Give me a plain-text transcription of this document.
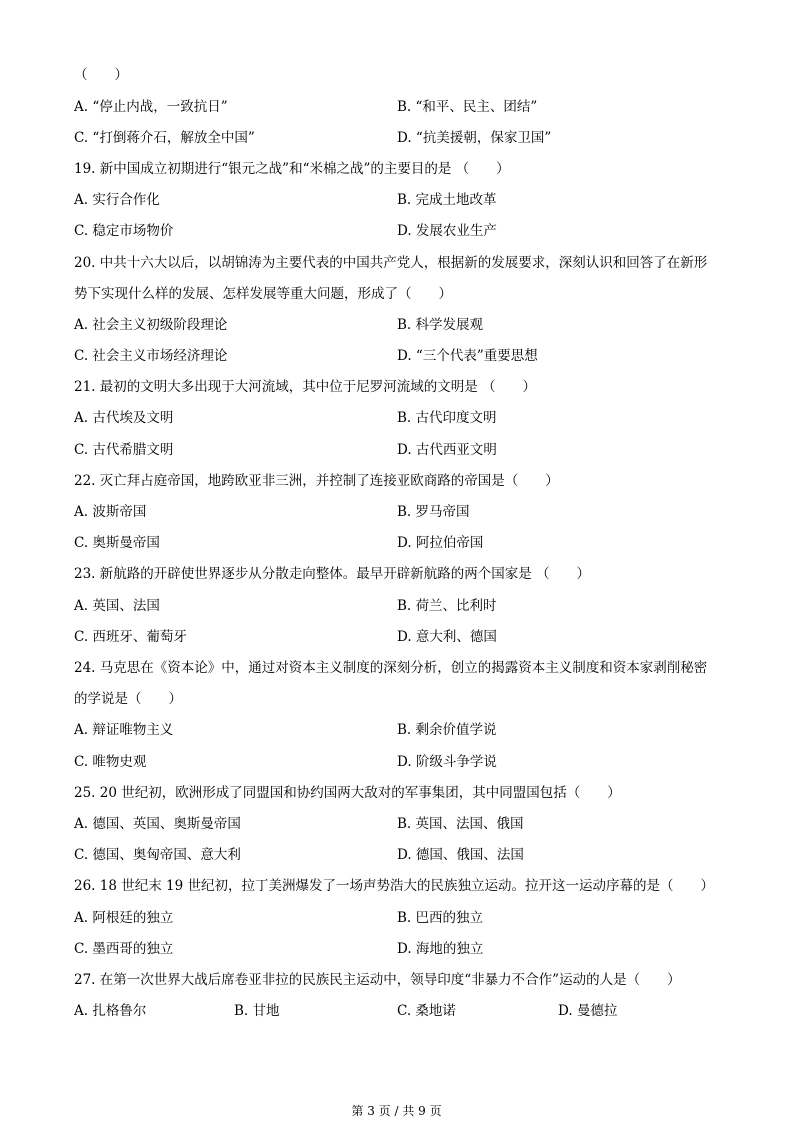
（　　）
A. “停止内战，一致抗日”	B. “和平、民主、团结”
C. “打倒蒋介石，解放全中国”	D. “抗美援朝，保家卫国”
19. 新中国成立初期进行“银元之战”和“米棉之战”的主要目的是 （　　）
A. 实行合作化	B. 完成土地改革
C. 稳定市场物价	D. 发展农业生产
20. 中共十六大以后，以胡锦涛为主要代表的中国共产党人，根据新的发展要求，深刻认识和回答了在新形
势下实现什么样的发展、怎样发展等重大问题，形成了（　　）
A. 社会主义初级阶段理论	B. 科学发展观
C. 社会主义市场经济理论	D. “三个代表”重要思想
21. 最初的文明大多出现于大河流域，其中位于尼罗河流域的文明是 （　　）
A. 古代埃及文明	B. 古代印度文明
C. 古代希腊文明	D. 古代西亚文明
22. 灭亡拜占庭帝国，地跨欧亚非三洲，并控制了连接亚欧商路的帝国是（　　）
A. 波斯帝国	B. 罗马帝国
C. 奥斯曼帝国	D. 阿拉伯帝国
23. 新航路的开辟使世界逐步从分散走向整体。最早开辟新航路的两个国家是 （　　）
A. 英国、法国	B. 荷兰、比利时
C. 西班牙、葡萄牙	D. 意大利、德国
24. 马克思在《资本论》中，通过对资本主义制度的深刻分析，创立的揭露资本主义制度和资本家剥削秘密
的学说是（　　）
A. 辩证唯物主义	B. 剩余价值学说
C. 唯物史观	D. 阶级斗争学说
25. 20 世纪初，欧洲形成了同盟国和协约国两大敌对的军事集团，其中同盟国包括（　　）
A. 德国、英国、奥斯曼帝国	B. 英国、法国、俄国
C. 德国、奥匈帝国、意大利	D. 德国、俄国、法国
26. 18 世纪末 19 世纪初，拉丁美洲爆发了一场声势浩大的民族独立运动。拉开这一运动序幕的是（　　）
A. 阿根廷的独立	B. 巴西的独立
C. 墨西哥的独立	D. 海地的独立
27. 在第一次世界大战后席卷亚非拉的民族民主运动中，领导印度“非暴力不合作”运动的人是（　　）
A. 扎格鲁尔	B. 甘地	C. 桑地诺	D. 曼德拉
第 3 页 / 共 9 页
